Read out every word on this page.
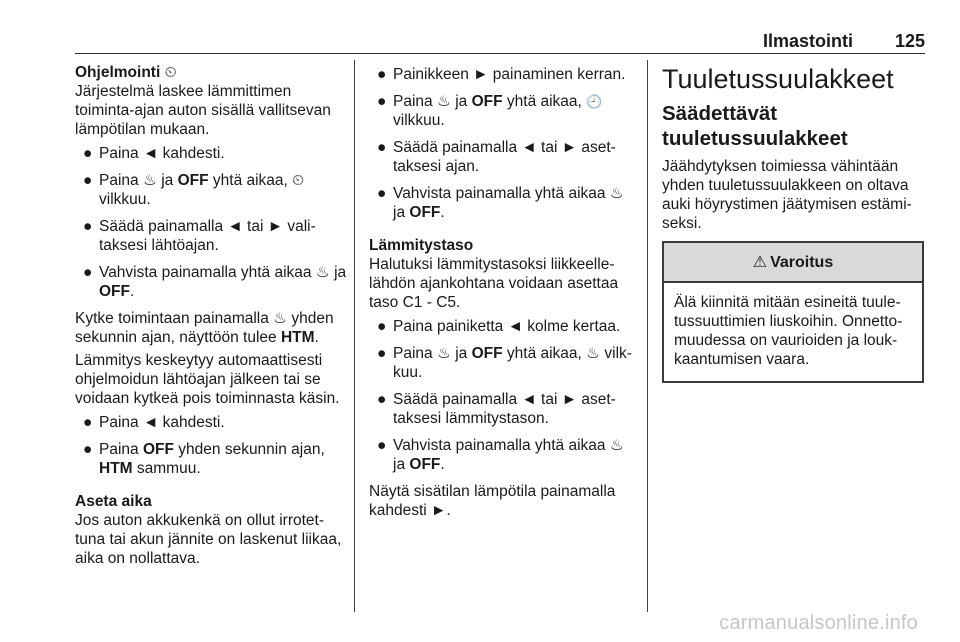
Ilmastointi 125

Ohjelmointi ⏲

Järjestelmä laskee lämmittimen toiminta-ajan auton sisällä vallitsevan lämpötilan mukaan.

● Paina ◄ kahdesti.
● Paina ♨ ja OFF yhtä aikaa, ⏲ vilkkuu.
● Säädä painamalla ◄ tai ► valitaksesi lähtöajan.
● Vahvista painamalla yhtä aikaa ♨ ja OFF.

Kytke toimintaan painamalla ♨ yhden sekunnin ajan, näyttöön tulee HTM.

Lämmitys keskeytyy automaattisesti ohjelmoidun lähtöajan jälkeen tai se voidaan kytkeä pois toiminnasta käsin.

● Paina ◄ kahdesti.
● Paina OFF yhden sekunnin ajan, HTM sammuu.

Aseta aika

Jos auton akkukenkä on ollut irrotettuna tai akun jännite on laskenut liikaa, aika on nollattava.

● Painikkeen ► painaminen kerran.
● Paina ♨ ja OFF yhtä aikaa, 🕘 vilkkuu.
● Säädä painamalla ◄ tai ► asettaksesi ajan.
● Vahvista painamalla yhtä aikaa ♨ ja OFF.

Lämmitystaso

Halutuksi lämmitystasoksi liikkeellelähdön ajankohtana voidaan asettaa taso C1 - C5.

● Paina painiketta ◄ kolme kertaa.
● Paina ♨ ja OFF yhtä aikaa, ♨ vilkkuu.
● Säädä painamalla ◄ tai ► asettaksesi lämmitystason.
● Vahvista painamalla yhtä aikaa ♨ ja OFF.

Näytä sisätilan lämpötila painamalla kahdesti ►.

Tuuletussuulakkeet
Säädettävät tuuletussuulakkeet

Jäähdytyksen toimiessa vähintään yhden tuuletussuulakkeen on oltava auki höyrystimen jäätymisen estämiseksi.

⚠ Varoitus
Älä kiinnitä mitään esineitä tuuletussuuttimien liuskoihin. Onnettomuudessa on vaurioiden ja loukkaantumisen vaara.
carmanualsonline.info
